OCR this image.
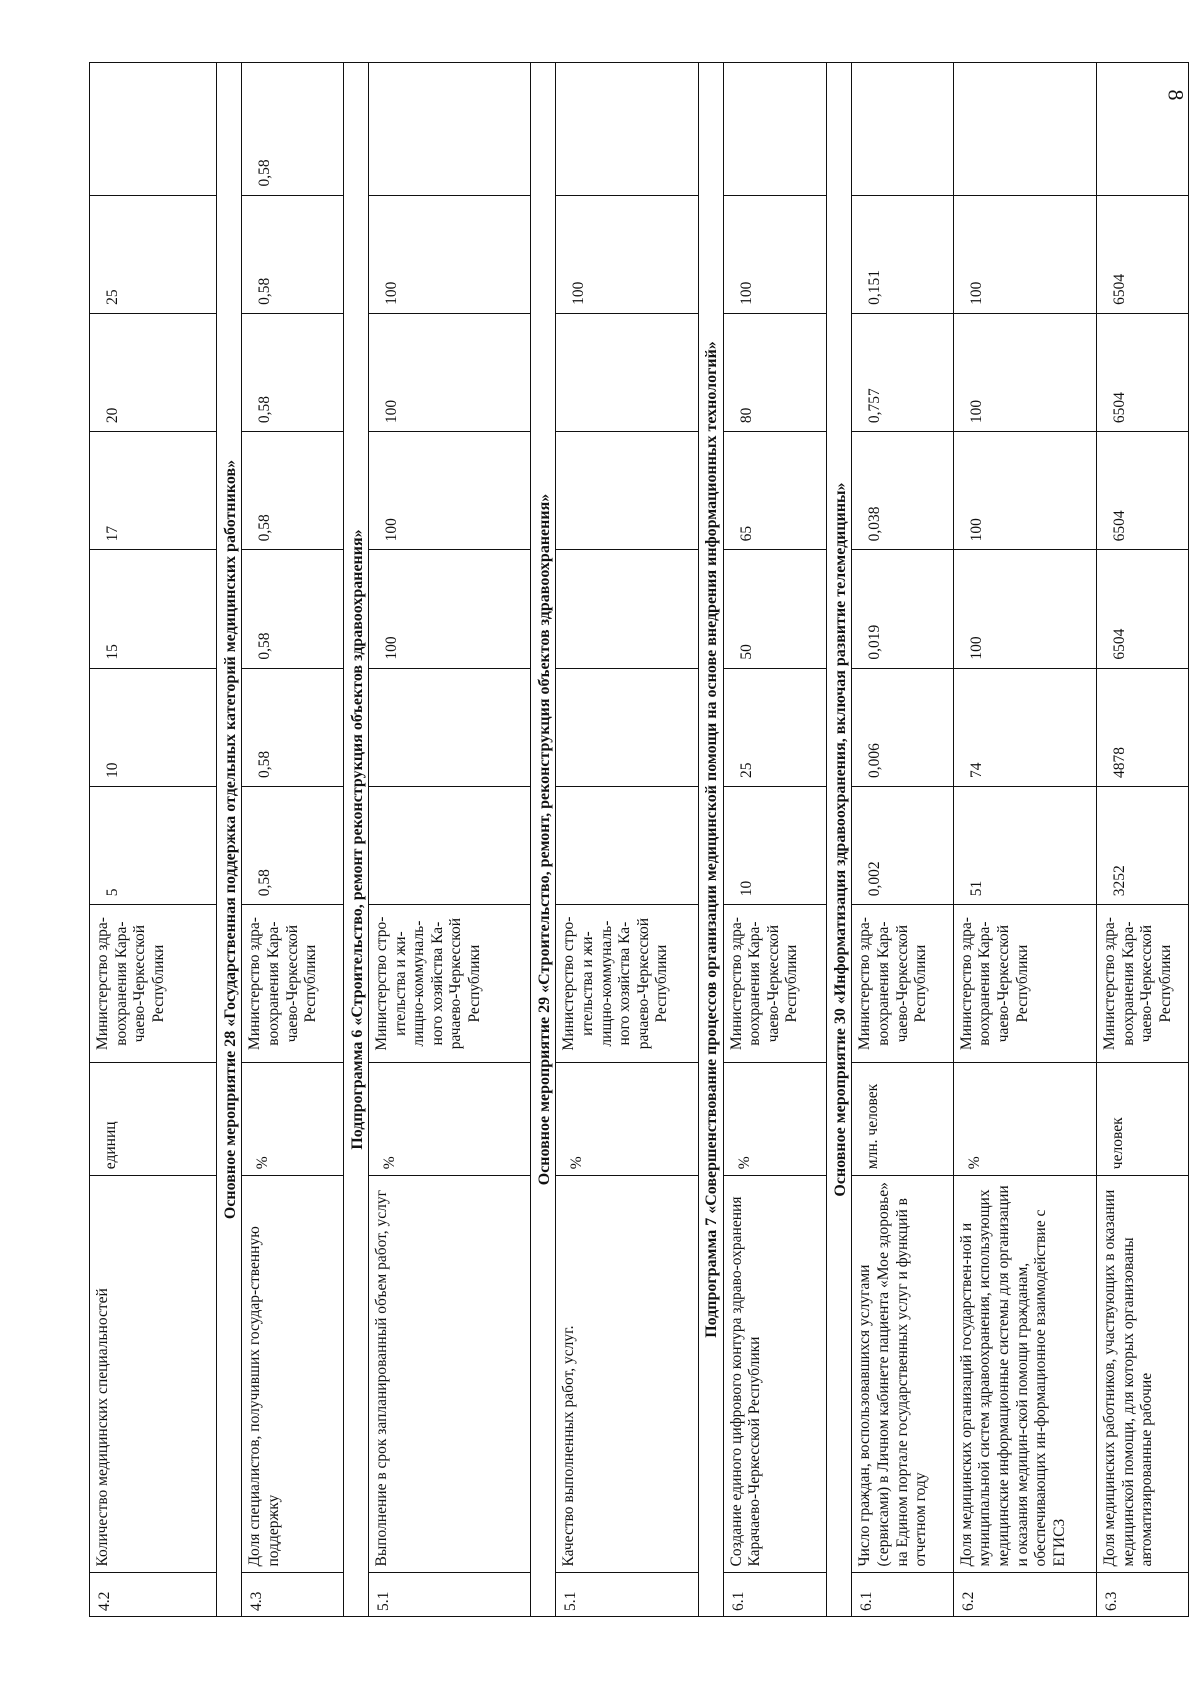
8
4.2	Количество медицинских специальностей	единиц	Министерство здра-воохранения Кара-чаево-Черкесской Республики	5	10	15	17	20	25	
Основное мероприятие 28 «Государственная поддержка отдельных категорий медицинских работников»										
4.3	Доля специалистов, получивших государ-ственную поддержку	%	Министерство здра-воохранения Кара-чаево-Черкесской Республики	0,58	0,58	0,58	0,58	0,58	0,58	0,58
Подпрограмма 6 «Строительство, ремонт реконструкция объектов здравоохранения»										
5.1	Выполнение в срок запланированный объем работ, услуг	%	Министерство стро-ительства и жи-лищно-коммуналь-ного хозяйства Ка-рачаево-Черкесской Республики			100	100	100	100	
Основное мероприятие 29 «Строительство, ремонт, реконструкция объектов здравоохранения»										
5.1	Качество выполненных работ, услуг.	%	Министерство стро-ительства и жи-лищно-коммуналь-ного хозяйства Ка-рачаево-Черкесской Республики						100	
Подпрограмма 7 «Совершенствование процессов организации медицинской помощи на основе внедрения информационных технологий»										
6.1	Создание единого цифрового контура здраво-охранения Карачаево-Черкесской Республики	%	Министерство здра-воохранения Кара-чаево-Черкесской Республики	10	25	50	65	80	100	
Основное мероприятие 30 «Информатизация здравоохранения, включая развитие телемедицины»										
6.1	Число граждан, воспользовавшихся услугами (сервисами) в Личном кабинете пациента «Мое здоровье» на Едином портале государственных услуг и функций в отчетном году	млн. человек	Министерство здра-воохранения Кара-чаево-Черкесской Республики	0,002	0,006	0,019	0,038	0,757	0,151	
6.2	Доля медицинских организаций государствен-ной и муниципальной систем здравоохранения, использующих медицинские информационные системы для организации и оказания медицин-ской помощи гражданам, обеспечивающих ин-формационное взаимодействие с ЕГИСЗ	%	Министерство здра-воохранения Кара-чаево-Черкесской Республики	51	74	100	100	100	100	
6.3	Доля медицинских работников, участвующих в оказании медицинской помощи, для которых организованы автоматизированные рабочие	человек	Министерство здра-воохранения Кара-чаево-Черкесской Республики	3252	4878	6504	6504	6504	6504	
